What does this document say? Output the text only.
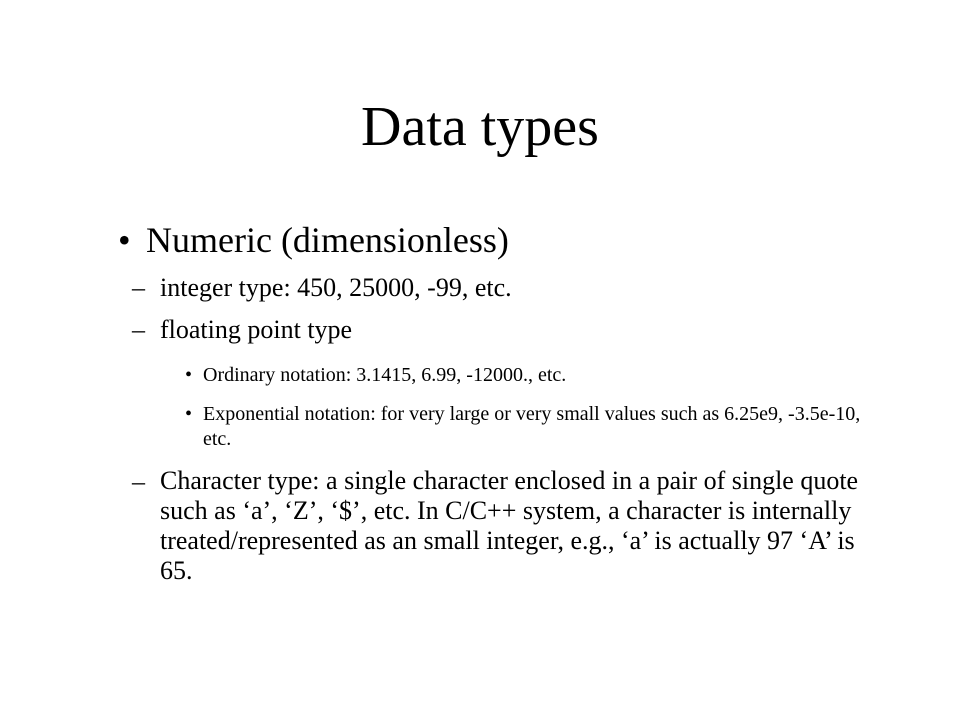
Data types
• Numeric (dimensionless)
– integer type: 450, 25000, -99, etc.
– floating point type
• Ordinary notation: 3.1415, 6.99, -12000., etc.
• Exponential notation: for very large or very small values such as 6.25e9, -3.5e-10, etc.
– Character type: a single character enclosed in a pair of single quote such as ‘a’, ‘Z’, ‘$’, etc. In C/C++ system, a character is internally treated/represented as an small integer, e.g., ‘a’ is actually 97 ‘A’ is 65.
